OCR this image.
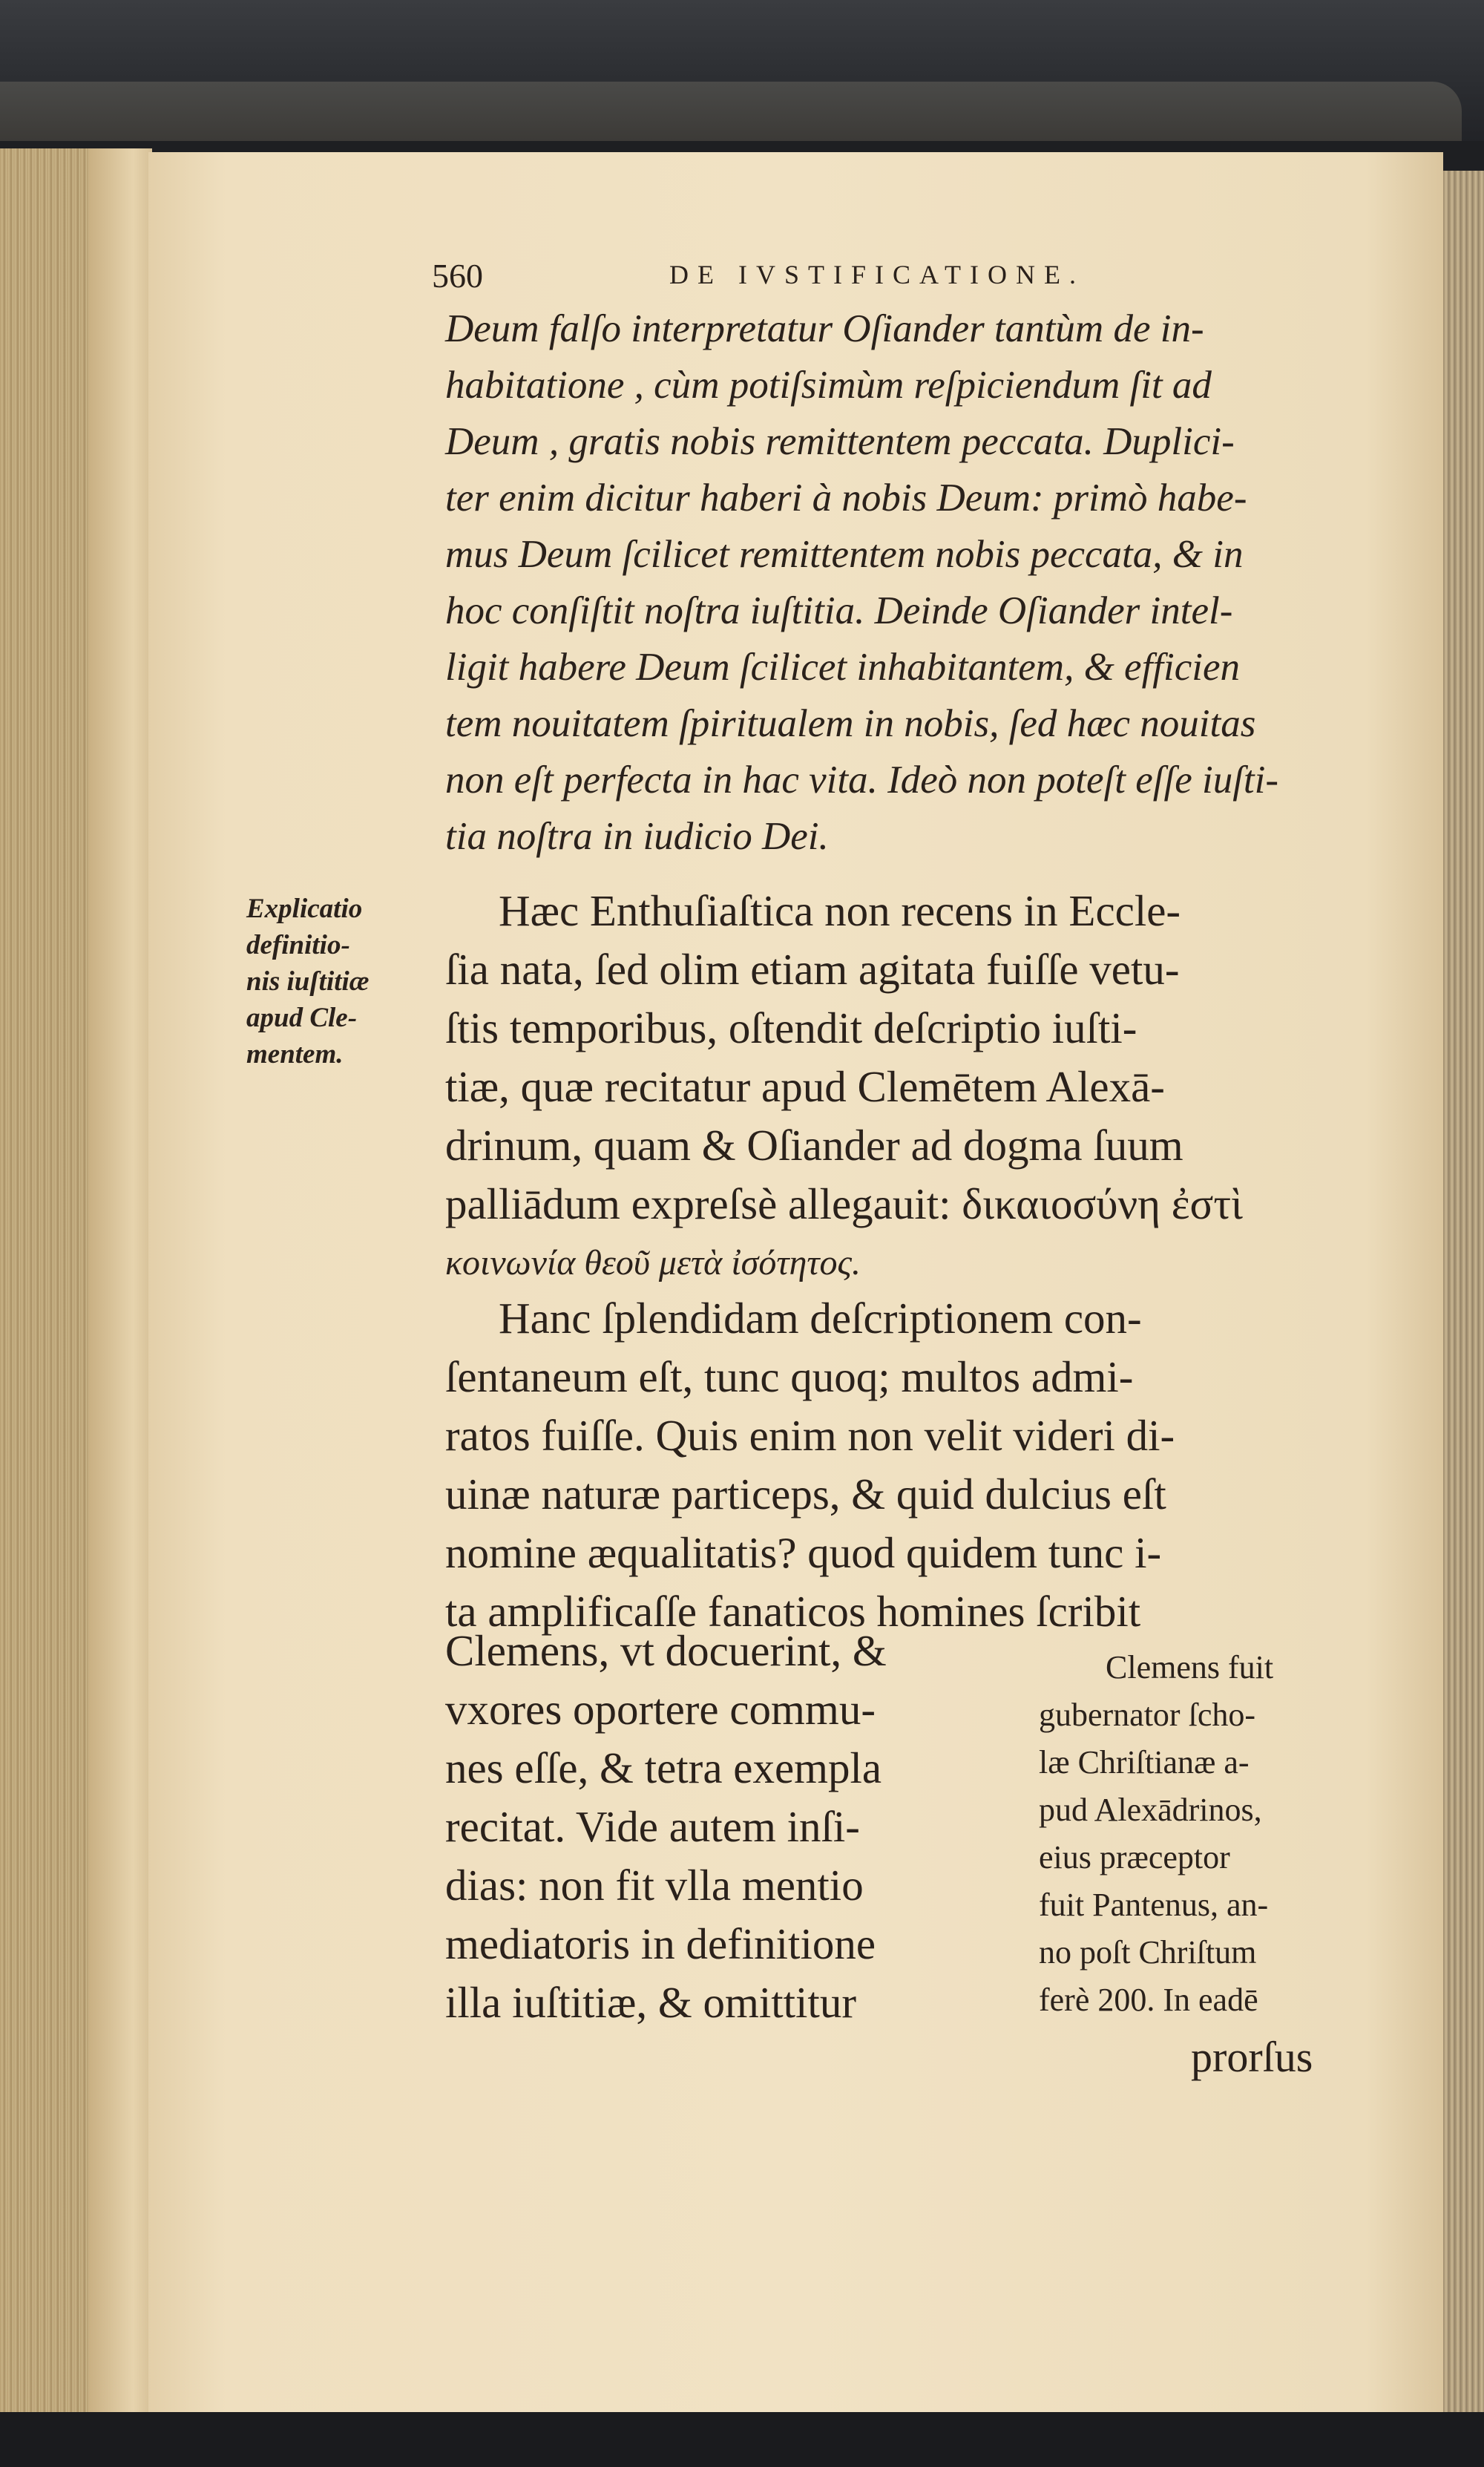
560	DE IVSTIFICATIONE.
Deum falſo interpretatur Oſiander tantùm de in-
habitatione , cùm potiſsimùm reſpiciendum ſit ad
Deum , gratis nobis remittentem peccata. Duplici-
ter enim dicitur haberi à nobis Deum: primò habe-
mus Deum ſcilicet remittentem nobis peccata, & in
hoc conſiſtit noſtra iuſtitia. Deinde Oſiander intel-
ligit habere Deum ſcilicet inhabitantem, & efficien
tem nouitatem ſpiritualem in nobis, ſed hæc nouitas
non eſt perfecta in hac vita. Ideò non poteſt eſſe iuſti-
tia noſtra in iudicio Dei.
Explicatio
definitio-
nis iuſtitiæ
apud Cle-
mentem.
Hæc Enthuſiaſtica non recens in Eccle-
ſia nata, ſed olim etiam agitata fuiſſe vetu-
ſtis temporibus, oſtendit deſcriptio iuſti-
tiæ, quæ recitatur apud Clemētem Alexā-
drinum, quam & Oſiander ad dogma ſuum
palliādum expreſsè allegauit: δικαιοσύνη ἐστὶ
κοινωνία θεοῦ μετὰ ἰσότητος.
Hanc ſplendidam deſcriptionem con-
ſentaneum eſt, tunc quoq; multos admi-
ratos fuiſſe. Quis enim non velit videri di-
uinæ naturæ particeps, & quid dulcius eſt
nomine æqualitatis? quod quidem tunc i-
ta amplificaſſe fanaticos homines ſcribit
Clemens, vt docuerint, &
vxores oportere commu-
nes eſſe, & tetra exempla
recitat. Vide autem inſi-
dias: non fit vlla mentio
mediatoris in definitione
illa iuſtitiæ, & omittitur
Clemens fuit
gubernator ſcho-
læ Chriſtianæ a-
pud Alexādrinos,
eius præceptor
fuit Pantenus, an-
no poſt Chriſtum
ferè 200. In eadē
prorſus
